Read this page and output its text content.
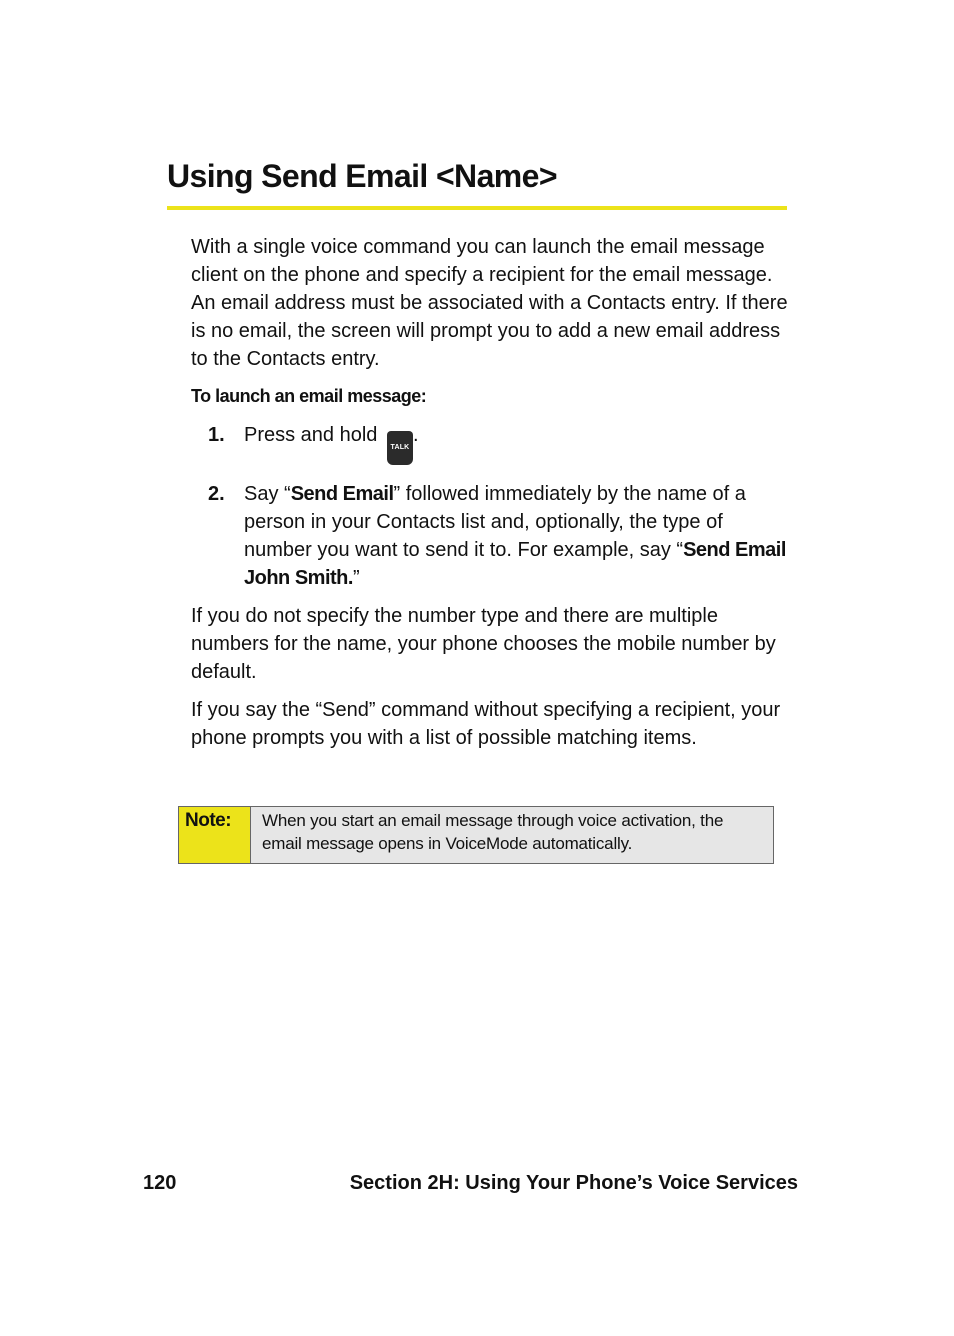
Using Send Email <Name>

With a single voice command you can launch the email message client on the phone and specify a recipient for the email message. An email address must be associated with a Contacts entry. If there is no email, the screen will prompt you to add a new email address to the Contacts entry.

To launch an email message:
1. Press and hold TALK.
2. Say “Send Email” followed immediately by the name of a person in your Contacts list and, optionally, the type of number you want to send it to. For example, say “Send Email John Smith.”

If you do not specify the number type and there are multiple numbers for the name, your phone chooses the mobile number by default.

If you say the “Send” command without specifying a recipient, your phone prompts you with a list of possible matching items.

Note:	When you start an email message through voice activation, the email message opens in VoiceMode automatically.
120	Section 2H: Using Your Phone’s Voice Services
